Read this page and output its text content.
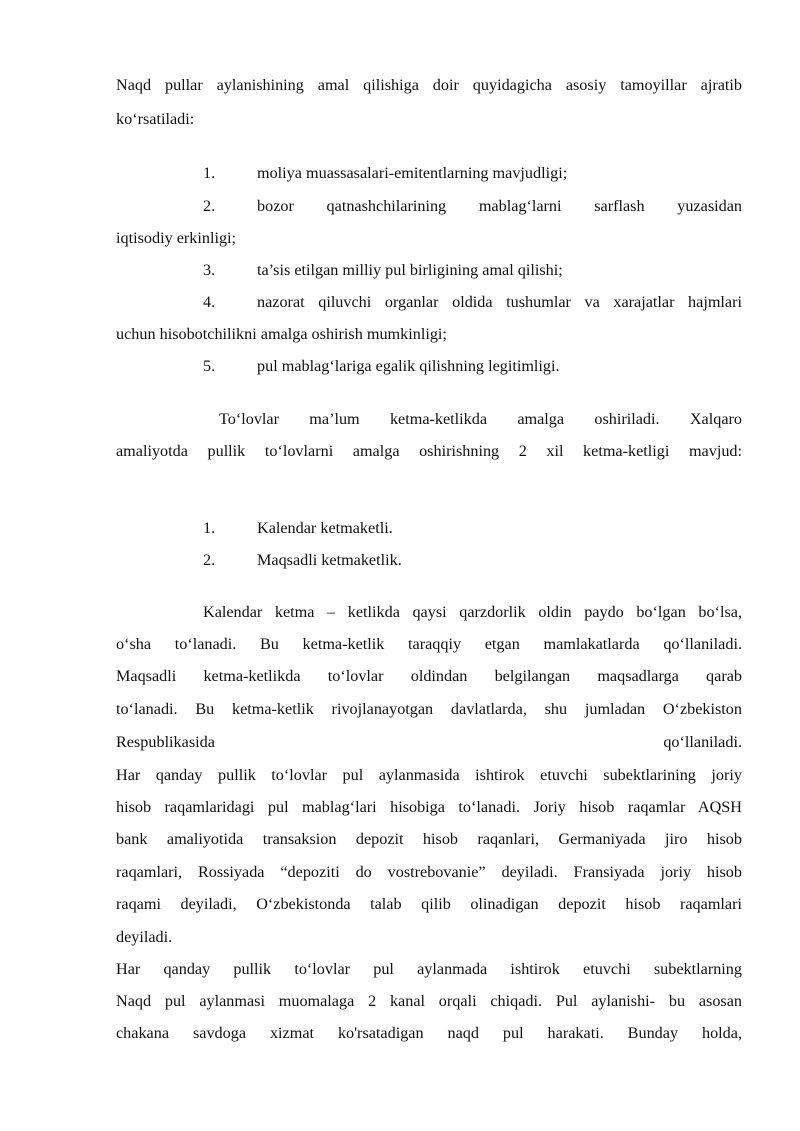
Naqd pullar aylanishining amal qilishiga doir quyidagicha asosiy tamoyillar ajratib
ko‘rsatiladi:
1.	moliya muassasalari-emitentlarning mavjudligi;
2.	bozor qatnashchilarining mablag‘larni sarflash yuzasidan
iqtisodiy erkinligi;
3.	ta’sis etilgan milliy pul birligining amal qilishi;
4.	nazorat qiluvchi organlar oldida tushumlar va xarajatlar hajmlari
uchun hisobotchilikni amalga oshirish mumkinligi;
5.	pul mablag‘lariga egalik qilishning legitimligi.
To‘lovlar ma’lum ketma-ketlikda amalga oshiriladi. Xalqaro
amaliyotda pullik to‘lovlarni amalga oshirishning 2 xil ketma-ketligi mavjud:
1.	Kalendar ketmaketli.
2.	Maqsadli ketmaketlik.
Kalendar ketma – ketlikda qaysi qarzdorlik oldin paydo bo‘lgan bo‘lsa,
o‘sha to‘lanadi. Bu ketma-ketlik taraqqiy etgan mamlakatlarda qo‘llaniladi.
Maqsadli ketma-ketlikda to‘lovlar oldindan belgilangan maqsadlarga qarab
to‘lanadi. Bu ketma-ketlik rivojlanayotgan davlatlarda, shu jumladan O‘zbekiston
Respublikasida qo‘llaniladi.
Har qanday pullik to‘lovlar pul aylanmasida ishtirok etuvchi subektlarining joriy
hisob raqamlaridagi pul mablag‘lari hisobiga to‘lanadi. Joriy hisob raqamlar AQSH
bank amaliyotida transaksion depozit hisob raqanlari, Germaniyada jiro hisob
raqamlari, Rossiyada “depoziti do vostrebovanie” deyiladi. Fransiyada joriy hisob
raqami deyiladi, O‘zbekistonda talab qilib olinadigan depozit hisob raqamlari
deyiladi.
Har qanday pullik to‘lovlar pul aylanmada ishtirok etuvchi subektlarning
Naqd pul aylanmasi muomalaga 2 kanal orqali chiqadi. Pul aylanishi- bu asosan
chakana savdoga xizmat ko'rsatadigan naqd pul harakati. Bunday holda,
